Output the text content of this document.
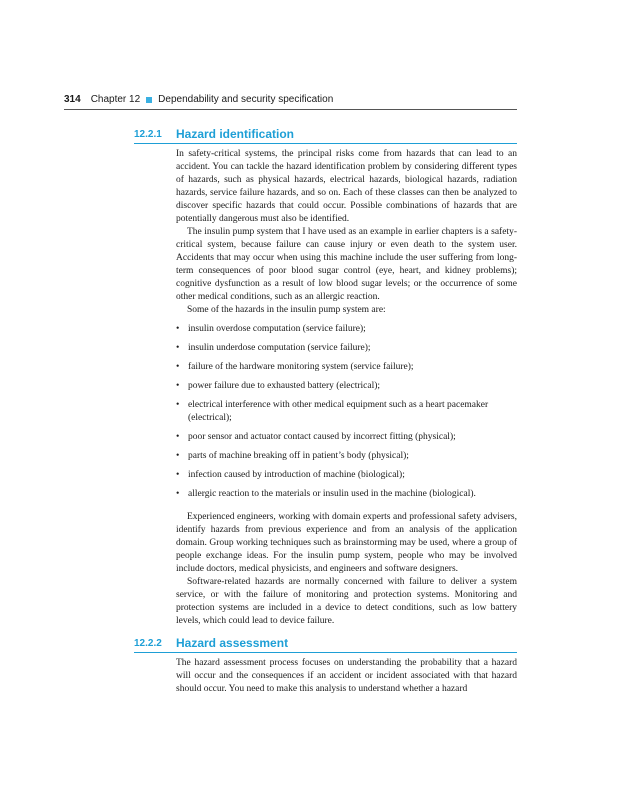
314 Chapter 12 Dependability and security specification
12.2.1 Hazard identification

In safety-critical systems, the principal risks come from hazards that can lead to an accident. You can tackle the hazard identification problem by considering different types of hazards, such as physical hazards, electrical hazards, biological hazards, radiation hazards, service failure hazards, and so on. Each of these classes can then be analyzed to discover specific hazards that could occur. Possible combinations of hazards that are potentially dangerous must also be identified.

The insulin pump system that I have used as an example in earlier chapters is a safety-critical system, because failure can cause injury or even death to the system user. Accidents that may occur when using this machine include the user suffering from long-term consequences of poor blood sugar control (eye, heart, and kidney problems); cognitive dysfunction as a result of low blood sugar levels; or the occurrence of some other medical conditions, such as an allergic reaction.

Some of the hazards in the insulin pump system are:

• insulin overdose computation (service failure);
• insulin underdose computation (service failure);
• failure of the hardware monitoring system (service failure);
• power failure due to exhausted battery (electrical);
• electrical interference with other medical equipment such as a heart pacemaker (electrical);
• poor sensor and actuator contact caused by incorrect fitting (physical);
• parts of machine breaking off in patient’s body (physical);
• infection caused by introduction of machine (biological);
• allergic reaction to the materials or insulin used in the machine (biological).

Experienced engineers, working with domain experts and professional safety advisers, identify hazards from previous experience and from an analysis of the application domain. Group working techniques such as brainstorming may be used, where a group of people exchange ideas. For the insulin pump system, people who may be involved include doctors, medical physicists, and engineers and software designers.

Software-related hazards are normally concerned with failure to deliver a system service, or with the failure of monitoring and protection systems. Monitoring and protection systems are included in a device to detect conditions, such as low battery levels, which could lead to device failure.

12.2.2 Hazard assessment

The hazard assessment process focuses on understanding the probability that a hazard will occur and the consequences if an accident or incident associated with that hazard should occur. You need to make this analysis to understand whether a hazard
